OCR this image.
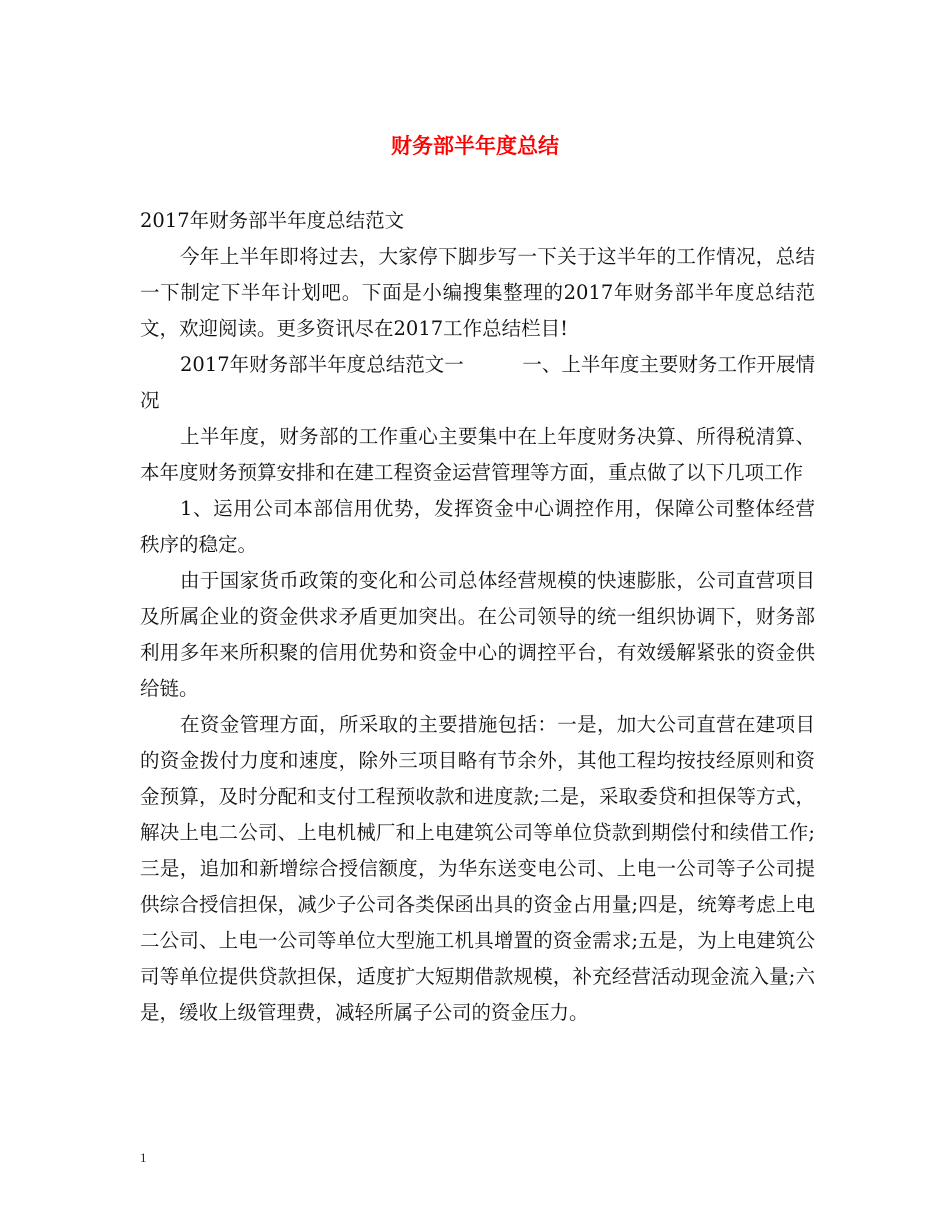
财务部半年度总结

2017年财务部半年度总结范文

今年上半年即将过去，大家停下脚步写一下关于这半年的工作情况，总结一下制定下半年计划吧。下面是小编搜集整理的2017年财务部半年度总结范文，欢迎阅读。更多资讯尽在2017工作总结栏目!

2017年财务部半年度总结范文一　　　一、上半年度主要财务工作开展情况

上半年度，财务部的工作重心主要集中在上年度财务决算、所得税清算、本年度财务预算安排和在建工程资金运营管理等方面，重点做了以下几项工作

1、运用公司本部信用优势，发挥资金中心调控作用，保障公司整体经营秩序的稳定。

由于国家货币政策的变化和公司总体经营规模的快速膨胀，公司直营项目及所属企业的资金供求矛盾更加突出。在公司领导的统一组织协调下，财务部利用多年来所积聚的信用优势和资金中心的调控平台，有效缓解紧张的资金供给链。

在资金管理方面，所采取的主要措施包括：一是，加大公司直营在建项目的资金拨付力度和速度，除外三项目略有节余外，其他工程均按技经原则和资金预算，及时分配和支付工程预收款和进度款;二是，采取委贷和担保等方式，解决上电二公司、上电机械厂和上电建筑公司等单位贷款到期偿付和续借工作;三是，追加和新增综合授信额度，为华东送变电公司、上电一公司等子公司提供综合授信担保，减少子公司各类保函出具的资金占用量;四是，统筹考虑上电二公司、上电一公司等单位大型施工机具增置的资金需求;五是，为上电建筑公司等单位提供贷款担保，适度扩大短期借款规模，补充经营活动现金流入量;六是，缓收上级管理费，减轻所属子公司的资金压力。

1
